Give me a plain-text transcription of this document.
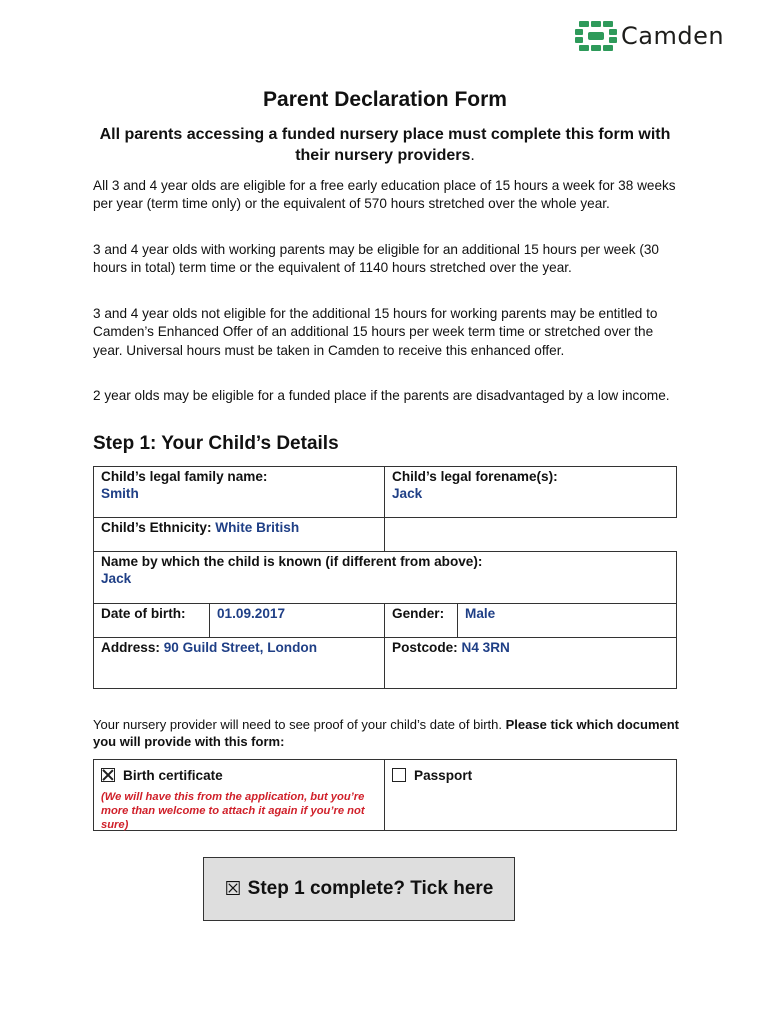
Camden
Parent Declaration Form
All parents accessing a funded nursery place must complete this form with their nursery providers.
All 3 and 4 year olds are eligible for a free early education place of 15 hours a week for 38 weeks per year (term time only) or the equivalent of 570 hours stretched over the whole year.
3 and 4 year olds with working parents may be eligible for an additional 15 hours per week (30 hours in total) term time or the equivalent of 1140 hours stretched over the year.
3 and 4 year olds not eligible for the additional 15 hours for working parents may be entitled to Camden’s Enhanced Offer of an additional 15 hours per week term time or stretched over the year. Universal hours must be taken in Camden to receive this enhanced offer.
2 year olds may be eligible for a funded place if the parents are disadvantaged by a low income.
Step 1: Your Child’s Details
Child’s legal family name:
Smith
Child’s legal forename(s):
Jack
Child’s Ethnicity: White British
Name by which the child is known (if different from above):
Jack
Date of birth:	01.09.2017	Gender:	Male
Address: 90 Guild Street, London	Postcode: N4 3RN
Your nursery provider will need to see proof of your child’s date of birth. Please tick which document you will provide with this form:
Birth certificate
(We will have this from the application, but you’re more than welcome to attach it again if you’re not sure)
Passport
☒ Step 1 complete? Tick here
